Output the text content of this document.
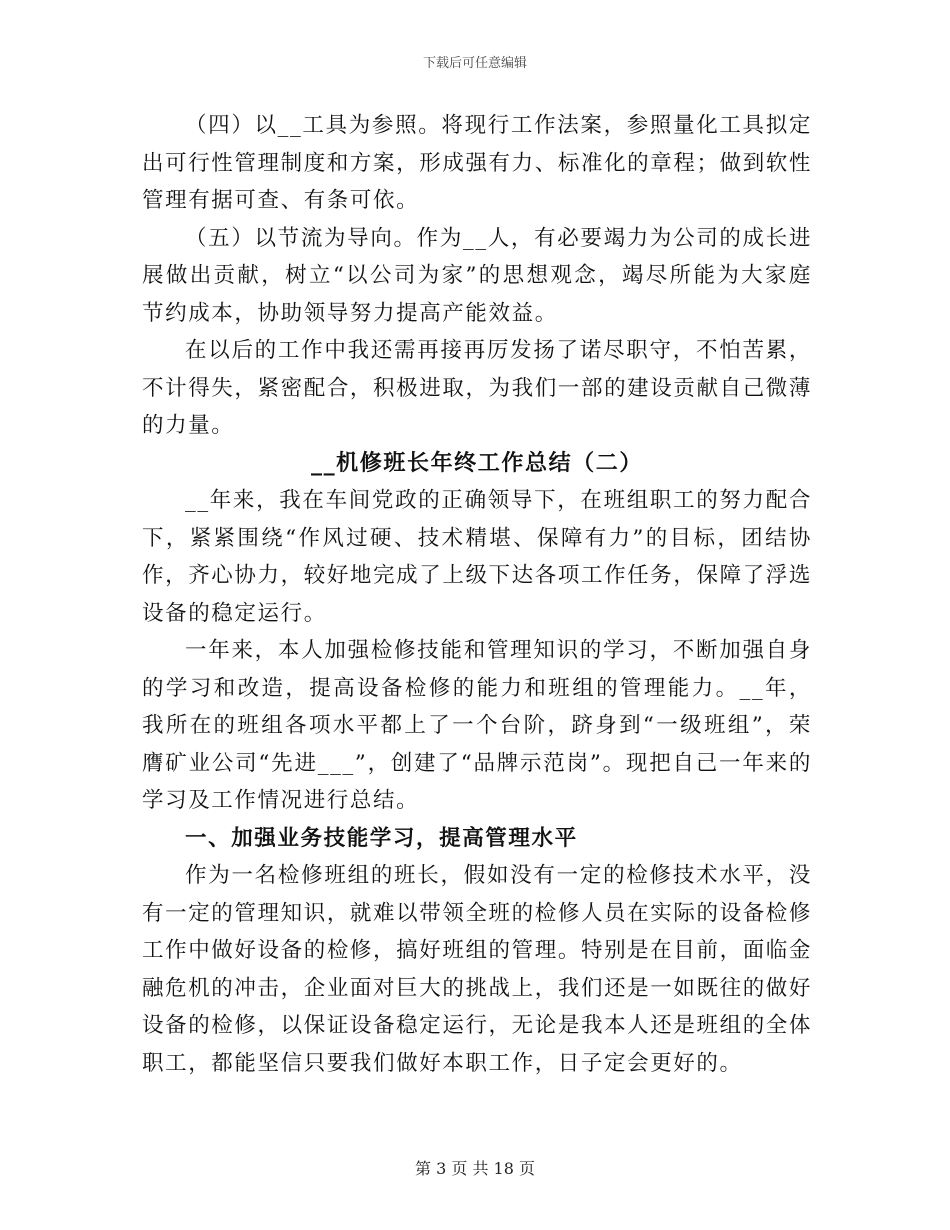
下载后可任意编辑

（四）以__工具为参照。将现行工作法案，参照量化工具拟定出可行性管理制度和方案，形成强有力、标准化的章程；做到软性管理有据可查、有条可依。

（五）以节流为导向。作为__人，有必要竭力为公司的成长进展做出贡献，树立“以公司为家”的思想观念，竭尽所能为大家庭节约成本，协助领导努力提高产能效益。

在以后的工作中我还需再接再厉发扬了诺尽职守，不怕苦累，不计得失，紧密配合，积极进取，为我们一部的建设贡献自己微薄的力量。

__机修班长年终工作总结（二）

__年来，我在车间党政的正确领导下，在班组职工的努力配合下，紧紧围绕“作风过硬、技术精堪、保障有力”的目标，团结协作，齐心协力，较好地完成了上级下达各项工作任务，保障了浮选设备的稳定运行。

一年来，本人加强检修技能和管理知识的学习，不断加强自身的学习和改造，提高设备检修的能力和班组的管理能力。__年，我所在的班组各项水平都上了一个台阶，跻身到“一级班组”，荣膺矿业公司“先进___”，创建了“品牌示范岗”。现把自己一年来的学习及工作情况进行总结。

一、加强业务技能学习，提高管理水平

作为一名检修班组的班长，假如没有一定的检修技术水平，没有一定的管理知识，就难以带领全班的检修人员在实际的设备检修工作中做好设备的检修，搞好班组的管理。特别是在目前，面临金融危机的冲击，企业面对巨大的挑战上，我们还是一如既往的做好设备的检修，以保证设备稳定运行，无论是我本人还是班组的全体职工，都能坚信只要我们做好本职工作，日子定会更好的。

第 3 页 共 18 页
